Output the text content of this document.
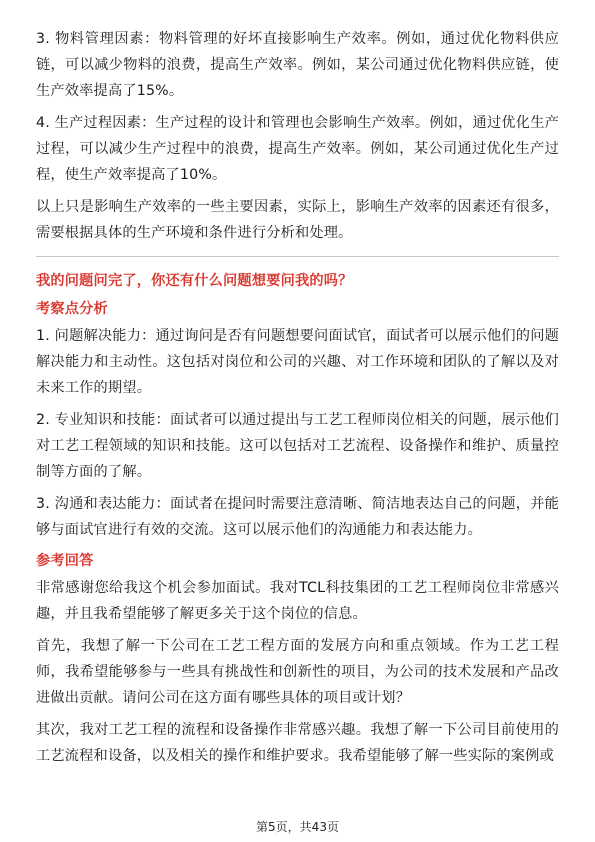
3. 物料管理因素：物料管理的好坏直接影响生产效率。例如，通过优化物料供应链，可以减少物料的浪费，提高生产效率。例如，某公司通过优化物料供应链，使生产效率提高了15%。

4. 生产过程因素：生产过程的设计和管理也会影响生产效率。例如，通过优化生产过程，可以减少生产过程中的浪费，提高生产效率。例如，某公司通过优化生产过程，使生产效率提高了10%。

以上只是影响生产效率的一些主要因素，实际上，影响生产效率的因素还有很多，需要根据具体的生产环境和条件进行分析和处理。

我的问题问完了，你还有什么问题想要问我的吗？
考察点分析

1. 问题解决能力：通过询问是否有问题想要问面试官，面试者可以展示他们的问题解决能力和主动性。这包括对岗位和公司的兴趣、对工作环境和团队的了解以及对未来工作的期望。

2. 专业知识和技能：面试者可以通过提出与工艺工程师岗位相关的问题，展示他们对工艺工程领域的知识和技能。这可以包括对工艺流程、设备操作和维护、质量控制等方面的了解。

3. 沟通和表达能力：面试者在提问时需要注意清晰、简洁地表达自己的问题，并能够与面试官进行有效的交流。这可以展示他们的沟通能力和表达能力。

参考回答

非常感谢您给我这个机会参加面试。我对TCL科技集团的工艺工程师岗位非常感兴趣，并且我希望能够了解更多关于这个岗位的信息。

首先，我想了解一下公司在工艺工程方面的发展方向和重点领域。作为工艺工程师，我希望能够参与一些具有挑战性和创新性的项目，为公司的技术发展和产品改进做出贡献。请问公司在这方面有哪些具体的项目或计划？

其次，我对工艺工程的流程和设备操作非常感兴趣。我想了解一下公司目前使用的工艺流程和设备，以及相关的操作和维护要求。我希望能够了解一些实际的案例或

第5页，共43页
